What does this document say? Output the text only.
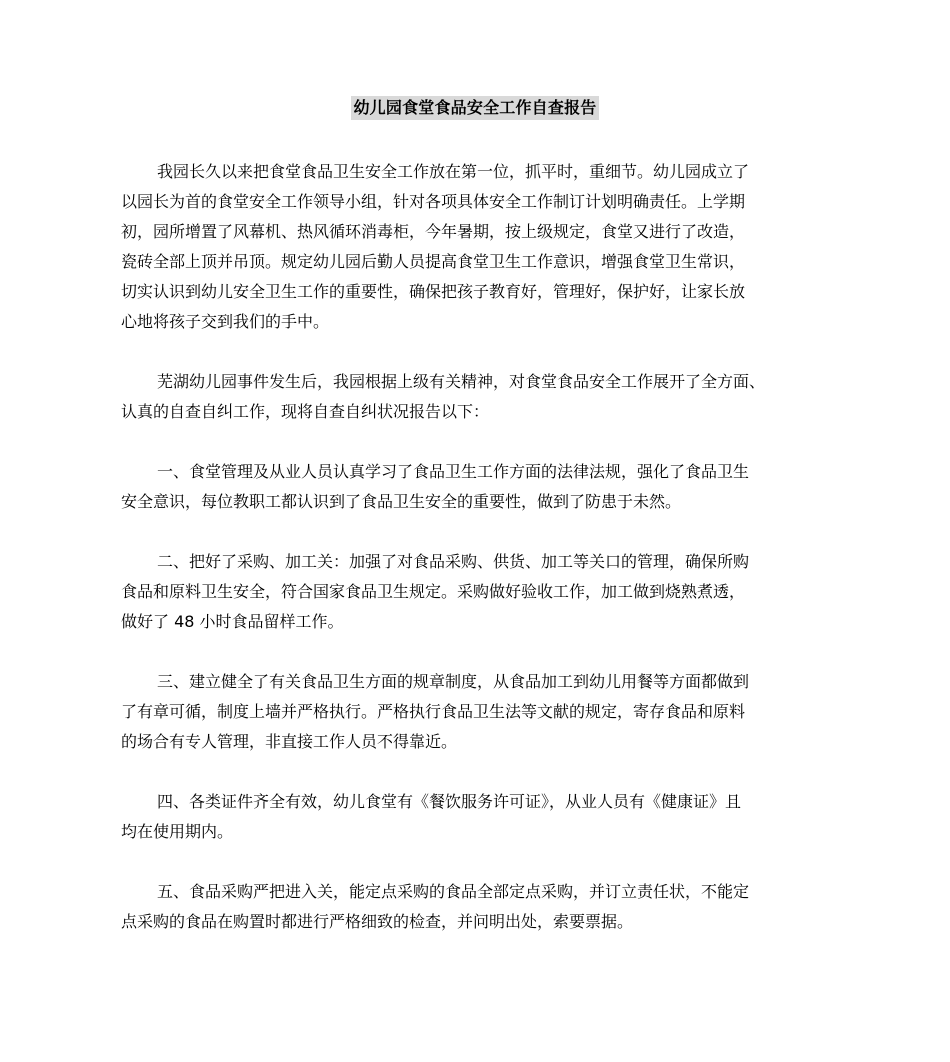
幼儿园食堂食品安全工作自查报告
我园长久以来把食堂食品卫生安全工作放在第一位，抓平时，重细节。幼儿园成立了
以园长为首的食堂安全工作领导小组，针对各项具体安全工作制订计划明确责任。上学期
初，园所增置了风幕机、热风循环消毒柜，今年暑期，按上级规定，食堂又进行了改造，
瓷砖全部上顶并吊顶。规定幼儿园后勤人员提高食堂卫生工作意识，增强食堂卫生常识，
切实认识到幼儿安全卫生工作的重要性，确保把孩子教育好，管理好，保护好，让家长放
心地将孩子交到我们的手中。
芜湖幼儿园事件发生后，我园根据上级有关精神，对食堂食品安全工作展开了全方面、
认真的自查自纠工作，现将自查自纠状况报告以下：
一、食堂管理及从业人员认真学习了食品卫生工作方面的法律法规，强化了食品卫生
安全意识，每位教职工都认识到了食品卫生安全的重要性，做到了防患于未然。
二、把好了采购、加工关：加强了对食品采购、供货、加工等关口的管理，确保所购
食品和原料卫生安全，符合国家食品卫生规定。采购做好验收工作，加工做到烧熟煮透，
做好了 48 小时食品留样工作。
三、建立健全了有关食品卫生方面的规章制度，从食品加工到幼儿用餐等方面都做到
了有章可循，制度上墙并严格执行。严格执行食品卫生法等文献的规定，寄存食品和原料
的场合有专人管理，非直接工作人员不得靠近。
四、各类证件齐全有效，幼儿食堂有《餐饮服务许可证》，从业人员有《健康证》且
均在使用期内。
五、食品采购严把进入关，能定点采购的食品全部定点采购，并订立责任状，不能定
点采购的食品在购置时都进行严格细致的检查，并问明出处，索要票据。
